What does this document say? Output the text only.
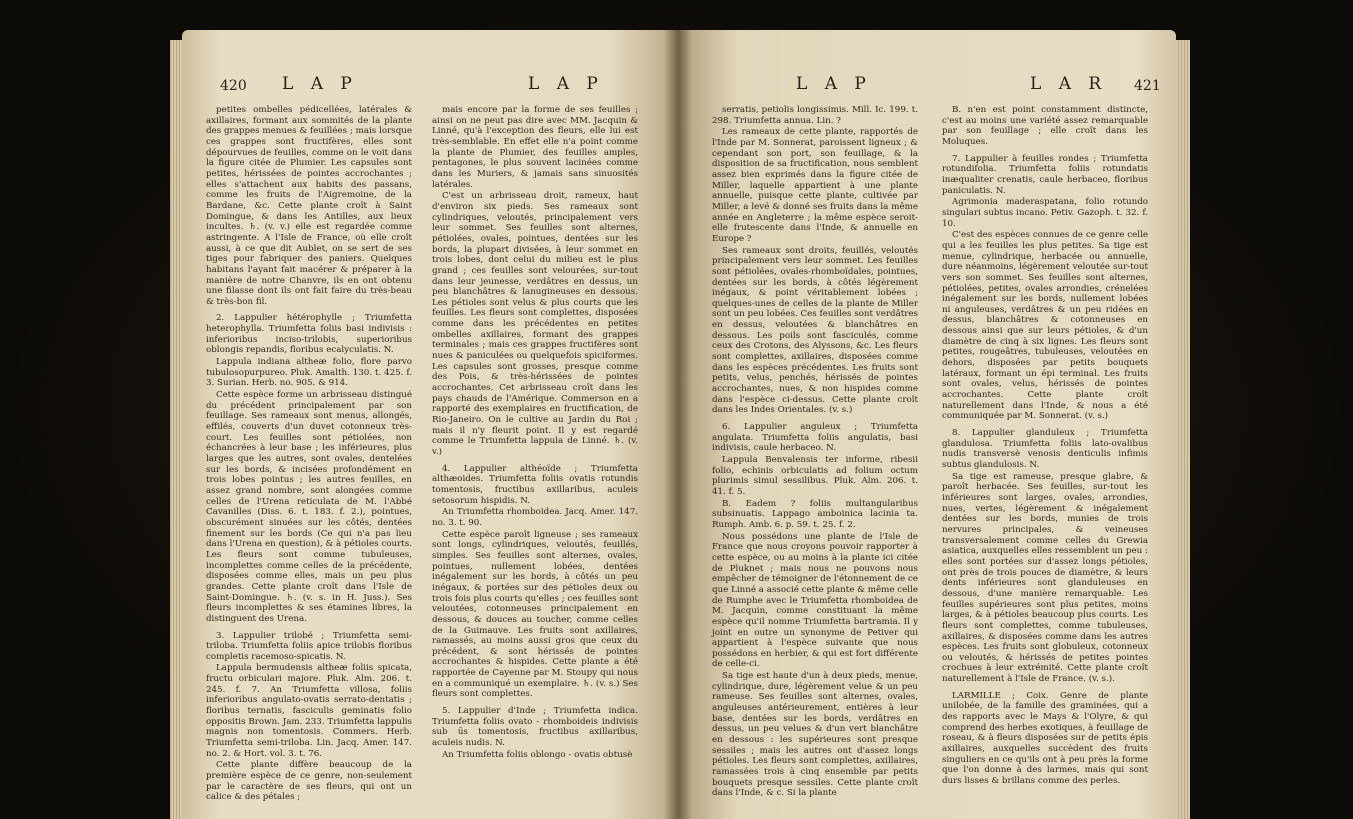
420 L A P	L A P

petites ombelles pédicellées, latérales & axillaires, formant aux sommités de la plante des grappes menues & feuillées ; mais lorsque ces grappes sont fructifères, elles sont dépourvues de feuilles, comme on le voit dans la figure citée de Plumier. Les capsules sont petites, hérissées de pointes accrochantes ; elles s'attachent aux habits des passans, comme les fruits de l'Aigremoine, de la Bardane, &c. Cette plante croît à Saint Domingue, & dans les Antilles, aux lieux incultes. ♄. (v. v.) elle est regardée comme astringente. A l'Isle de France, où elle croît aussi, à ce que dit Aublet, on se sert de ses tiges pour fabriquer des paniers. Quelques habitans l'ayant fait macérer & préparer à la manière de notre Chanvre, ils en ont obtenu une filasse dont ils ont fait faire du très-beau & très-bon fil.

2. Lappulier hétérophylle ; Triumfetta heterophylla. Triumfetta foliis basi indivisis : inferioribus inciso-trilobis, superioribus oblongis repandis, floribus ecalyculatis. N.

Lappula indiana altheæ folio, flore parvo tubulosopurpureo. Pluk. Amalth. 130. t. 425. f. 3. Surian. Herb. no. 905. & 914.

Cette espèce forme un arbrisseau distingué du précédent principalement par son feuillage. Ses rameaux sont menus, allongés, effilés, couverts d'un duvet cotonneux très-court. Les feuilles sont pétiolées, non échancrées à leur base ; les inférieures, plus larges que les autres, sont ovales, dentelées sur les bords, & incisées profondément en trois lobes pointus ; les autres feuilles, en assez grand nombre, sont alongées comme celles de l'Urena reticulata de M. l'Abbé Cavanilles (Diss. 6. t. 183. f. 2.), pointues, obscurément sinuées sur les côtés, dentées finement sur les bords (Ce qui n'a pas lieu dans l'Urena en question), & à pétioles courts. Les fleurs sont comme tubuleuses, incomplettes comme celles de la précédente, disposées comme elles, mais un peu plus grandes. Cette plante croît dans l'Isle de Saint-Domingue. ♄. (v. s. in H. Juss.). Ses fleurs incomplettes & ses étamines libres, la distinguent des Urena.

3. Lappulier trilobé ; Triumfetta semi-triloba. Triumfetta foliis apice trilobis floribus completis racemoso-spicatis. N.

Lappula bermudensis altheæ foliis spicata, fructu orbiculari majore. Pluk. Alm. 206. t. 245. f. 7. An Triumfetta villosa, foliis inferioribus angulato-ovatis serrato-dentatis ; floribus ternatis, fasciculis geminatis folio oppositis Brown. Jam. 233. Triumfetta lappulis magnis non tomentosis. Commers. Herb. Triumfetta semi-triloba. Lin. Jacq. Amer. 147. no. 2. & Hort. vol. 3. t. 76.

Cette plante diffère beaucoup de la première espèce de ce genre, non-seulement par le caractère de ses fleurs, qui ont un calice & des pétales ;

mais encore par la forme de ses feuilles ; ainsi on ne peut pas dire avec MM. Jacquin & Linné, qu'à l'exception des fleurs, elle lui est très-semblable. En effet elle n'a point comme la plante de Plumier, des feuilles amples, pentagones, le plus souvent lacinées comme dans les Muriers, & jamais sans sinuosités latérales.

C'est un arbrisseau droit, rameux, haut d'environ six pieds. Ses rameaux sont cylindriques, veloutés, principalement vers leur sommet. Ses feuilles sont alternes, pétiolées, ovales, pointues, dentées sur les bords, la plupart divisées, à leur sommet en trois lobes, dont celui du milieu est le plus grand ; ces feuilles sont velourées, sur-tout dans leur jeunesse, verdâtres en dessus, un peu blanchâtres & lanugineuses en dessous. Les pétioles sont velus & plus courts que les feuilles. Les fleurs sont complettes, disposées comme dans les précédentes en petites ombelles axillaires, formant des grappes terminales ; mais ces grappes fructifères sont nues & paniculées ou quelquefois spiciformes. Les capsules sont grosses, presque comme des Pois, & très-hérissées de pointes accrochantes. Cet arbrisseau croît dans les pays chauds de l'Amérique. Commerson en a rapporté des exemplaires en fructification, de Rio-Janeiro. On le cultive au Jardin du Roi ; mais il n'y fleurit point. Il y est regardé comme le Triumfetta lappula de Linné. ♄. (v. v.)

4. Lappulier althéoïde ; Triumfetta althæoides. Triumfetta foliis ovatis rotundis tomentosis, fructibus axillaribus, aculeis setosorum hispidis. N.

An Triumfetta rhomboidea. Jacq. Amer. 147. no. 3. t. 90.

Cette espèce paroît ligneuse ; ses rameaux sont longs, cylindriques, veloutés, feuillés, simples. Ses feuilles sont alternes, ovales, pointues, nullement lobées, dentées inégalement sur les bords, à côtés un peu inégaux, & portées sur des pétioles deux ou trois fois plus courts qu'elles ; ces feuilles sont veloutées, cotonneuses principalement en dessous, & douces au toucher, comme celles de la Guimauve. Les fruits sont axillaires, ramassés, au moins aussi gros que ceux du précédent, & sont hérissés de pointes accrochantes & hispides. Cette plante a été rapportée de Cayenne par M. Stoupy qui nous en a communiqué un exemplaire. ♄. (v. s.) Ses fleurs sont complettes.

5. Lappulier d'Inde ; Triumfetta indica. Triumfetta foliis ovato - rhomboideis indivisis sub ūs tomentosis, fructibus axillaribus, aculeis nudis. N.

An Triumfetta foliis oblongo - ovatis obtusè

L A P	L A R 421

serratis, petiolis longissimis. Mill. Ic. 199. t. 298. Triumfetta annua. Lin. ?

Les rameaux de cette plante, rapportés de l'Inde par M. Sonnerat, paroissent ligneux ; & cependant son port, son feuillage, & la disposition de sa fructification, nous semblent assez bien exprimés dans la figure citée de Miller, laquelle appartient à une plante annuelle, puisque cette plante, cultivée par Miller, a levé & donné ses fruits dans la même année en Angleterre ; la même espèce seroit-elle frutescente dans l'Inde, & annuelle en Europe ?

Ses rameaux sont droits, feuillés, veloutés principalement vers leur sommet. Les feuilles sont pétiolées, ovales-rhomboïdales, pointues, dentées sur les bords, à côtés légèrement inégaux, & point véritablement lobées ; quelques-unes de celles de la plante de Miller sont un peu lobées. Ces feuilles sont verdâtres en dessus, veloutées & blanchâtres en dessous. Les poils sont fasciculés, comme ceux des Crotons, des Alyssons, &c. Les fleurs sont complettes, axillaires, disposées comme dans les espèces précédentes. Les fruits sont petits, velus, penchés, hérissés de pointes accrochantes, nues, & non hispides comme dans l'espèce ci-dessus. Cette plante croît dans les Indes Orientales. (v. s.)

6. Lappulier anguleux ; Triumfetta angulata. Triumfetta foliis angulatis, basi indivisis, caule herbaceo. N.

Lappula Benvalensis ter informe, ribesii folio, echinis orbiculatis ad folium octum plurimis simul sessilibus. Pluk. Alm. 206. t. 41. f. 5.

B. Eadem ? foliis multangularibus subsinuatis. Lappago amboinica lacinia ta. Rumph. Amb. 6. p. 59. t. 25. f. 2.

Nous possédons une plante de l'Isle de France que nous croyons pouvoir rapporter à cette espèce, ou au moins à la plante ici citée de Pluknet ; mais nous ne pouvons nous empêcher de témoigner de l'étonnement de ce que Linné a associé cette plante & même celle de Rumphe avec le Triumfetta rhomboidea de M. Jacquin, comme constituant la même espèce qu'il nomme Triumfetta bartramia. Il y joint en outre un synonyme de Petiver qui appartient à l'espèce suivante que nous possédons en herbier, & qui est fort différente de celle-ci.

Sa tige est haute d'un à deux pieds, menue, cylindrique, dure, légèrement velue & un peu rameuse. Ses feuilles sont alternes, ovales, anguleuses antérieurement, entières à leur base, dentées sur les bords, verdâtres en dessus, un peu velues & d'un vert blanchâtre en dessous : les supérieures sont presque sessiles ; mais les autres ont d'assez longs pétioles. Les fleurs sont complettes, axillaires, ramassées trois à cinq ensemble par petits bouquets presque sessiles. Cette plante croît dans l'Inde, & c. Si la plante

B. n'en est point constamment distincte, c'est au moins une variété assez remarquable par son feuillage ; elle croît dans les Moluques.

7. Lappulier à feuilles rondes ; Triumfetta rotundifolia. Triumfetta foliis rotundatis inæqualiter crenatis, caule herbaceo, floribus paniculatis. N.

Agrimonia maderaspatana, folio rotundo singulari subtus incano. Petiv. Gazoph. t. 32. f. 10.

C'est des espèces connues de ce genre celle qui a les feuilles les plus petites. Sa tige est menue, cylindrique, herbacée ou annuelle, dure néanmoins, légèrement veloutée sur-tout vers son sommet. Ses feuilles sont alternes, pétiolées, petites, ovales arrondies, crénelées inégalement sur les bords, nullement lobées ni anguleuses, verdâtres & un peu ridées en dessus, blanchâtres & cotonneuses en dessous ainsi que sur leurs pétioles, & d'un diamètre de cinq à six lignes. Les fleurs sont petites, rougeâtres, tubuleuses, veloutées en dehors, disposées par petits bouquets latéraux, formant un épi terminal. Les fruits sont ovales, velus, hérissés de pointes accrochantes. Cette plante croît naturellement dans l'Inde, & nous a été communiquée par M. Sonnerat. (v. s.)

8. Lappulier glanduleux ; Triumfetta glandulosa. Triumfetta foliis lato-ovalibus nudis transversè venosis denticulis infimis subtus glandulosis. N.

Sa tige est rameuse, presque glabre, & paroît herbacée. Ses feuilles, sur-tout les inférieures sont larges, ovales, arrondies, nues, vertes, légèrement & inégalement dentées sur les bords, munies de trois nervures principales, & veineuses transversalement comme celles du Grewia asiatica, auxquelles elles ressemblent un peu : elles sont portées sur d'assez longs pétioles, ont près de trois pouces de diamètre, & leurs dents inférieures sont glanduleuses en dessous, d'une manière remarquable. Les feuilles supérieures sont plus petites, moins larges, & à pétioles beaucoup plus courts. Les fleurs sont complettes, comme tubuleuses, axillaires, & disposées comme dans les autres espèces. Les fruits sont globuleux, cotonneux ou veloutés, & hérissés de petites pointes crochues à leur extrémité. Cette plante croît naturellement à l'Isle de France. (v. s.).

LARMILLE ; Coix. Genre de plante unilobée, de la famille des graminées, qui a des rapports avec le Mays & l'Olyre, & qui comprend des herbes exotiques, à feuillage de roseau, & à fleurs disposées sur de petits épis axillaires, auxquelles succèdent des fruits singuliers en ce qu'ils ont à peu près la forme que l'on donne à des larmes, mais qui sont durs lisses & brillans comme des perles.
